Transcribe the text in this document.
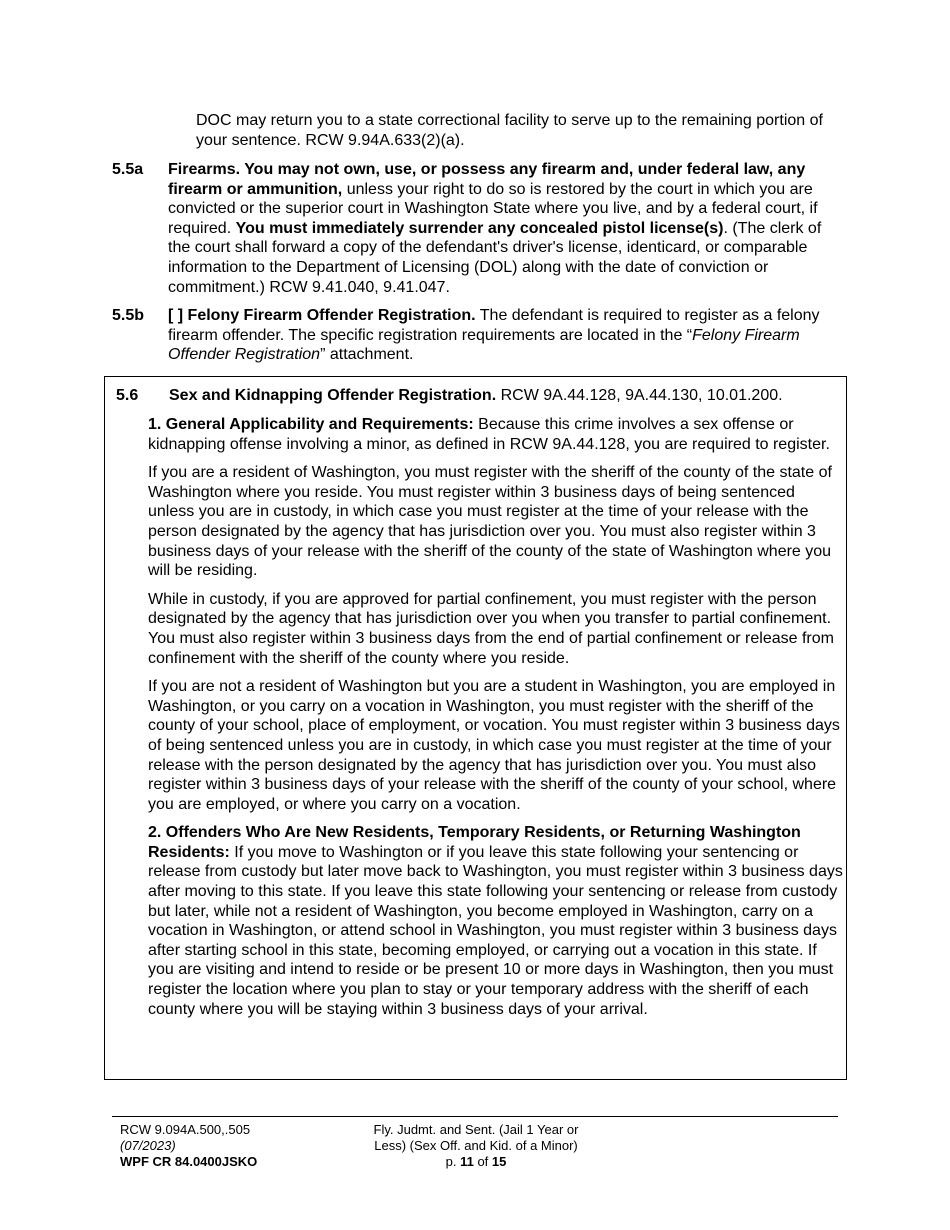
DOC may return you to a state correctional facility to serve up to the remaining portion of your sentence. RCW 9.94A.633(2)(a).

5.5a Firearms. You may not own, use, or possess any firearm and, under federal law, any firearm or ammunition, unless your right to do so is restored by the court in which you are convicted or the superior court in Washington State where you live, and by a federal court, if required. You must immediately surrender any concealed pistol license(s). (The clerk of the court shall forward a copy of the defendant's driver's license, identicard, or comparable information to the Department of Licensing (DOL) along with the date of conviction or commitment.) RCW 9.41.040, 9.41.047.

5.5b [ ] Felony Firearm Offender Registration. The defendant is required to register as a felony firearm offender. The specific registration requirements are located in the “Felony Firearm Offender Registration” attachment.

5.6 Sex and Kidnapping Offender Registration. RCW 9A.44.128, 9A.44.130, 10.01.200.

1. General Applicability and Requirements: Because this crime involves a sex offense or kidnapping offense involving a minor, as defined in RCW 9A.44.128, you are required to register.

If you are a resident of Washington, you must register with the sheriff of the county of the state of Washington where you reside. You must register within 3 business days of being sentenced unless you are in custody, in which case you must register at the time of your release with the person designated by the agency that has jurisdiction over you. You must also register within 3 business days of your release with the sheriff of the county of the state of Washington where you will be residing.

While in custody, if you are approved for partial confinement, you must register with the person designated by the agency that has jurisdiction over you when you transfer to partial confinement. You must also register within 3 business days from the end of partial confinement or release from confinement with the sheriff of the county where you reside.

If you are not a resident of Washington but you are a student in Washington, you are employed in Washington, or you carry on a vocation in Washington, you must register with the sheriff of the county of your school, place of employment, or vocation. You must register within 3 business days of being sentenced unless you are in custody, in which case you must register at the time of your release with the person designated by the agency that has jurisdiction over you. You must also register within 3 business days of your release with the sheriff of the county of your school, where you are employed, or where you carry on a vocation.

2. Offenders Who Are New Residents, Temporary Residents, or Returning Washington Residents: If you move to Washington or if you leave this state following your sentencing or release from custody but later move back to Washington, you must register within 3 business days after moving to this state. If you leave this state following your sentencing or release from custody but later, while not a resident of Washington, you become employed in Washington, carry on a vocation in Washington, or attend school in Washington, you must register within 3 business days after starting school in this state, becoming employed, or carrying out a vocation in this state. If you are visiting and intend to reside or be present 10 or more days in Washington, then you must register the location where you plan to stay or your temporary address with the sheriff of each county where you will be staying within 3 business days of your arrival.

RCW 9.094A.500,.505
(07/2023)
WPF CR 84.0400JSKO
Fly. Judmt. and Sent. (Jail 1 Year or
Less) (Sex Off. and Kid. of a Minor)
p. 11 of 15
